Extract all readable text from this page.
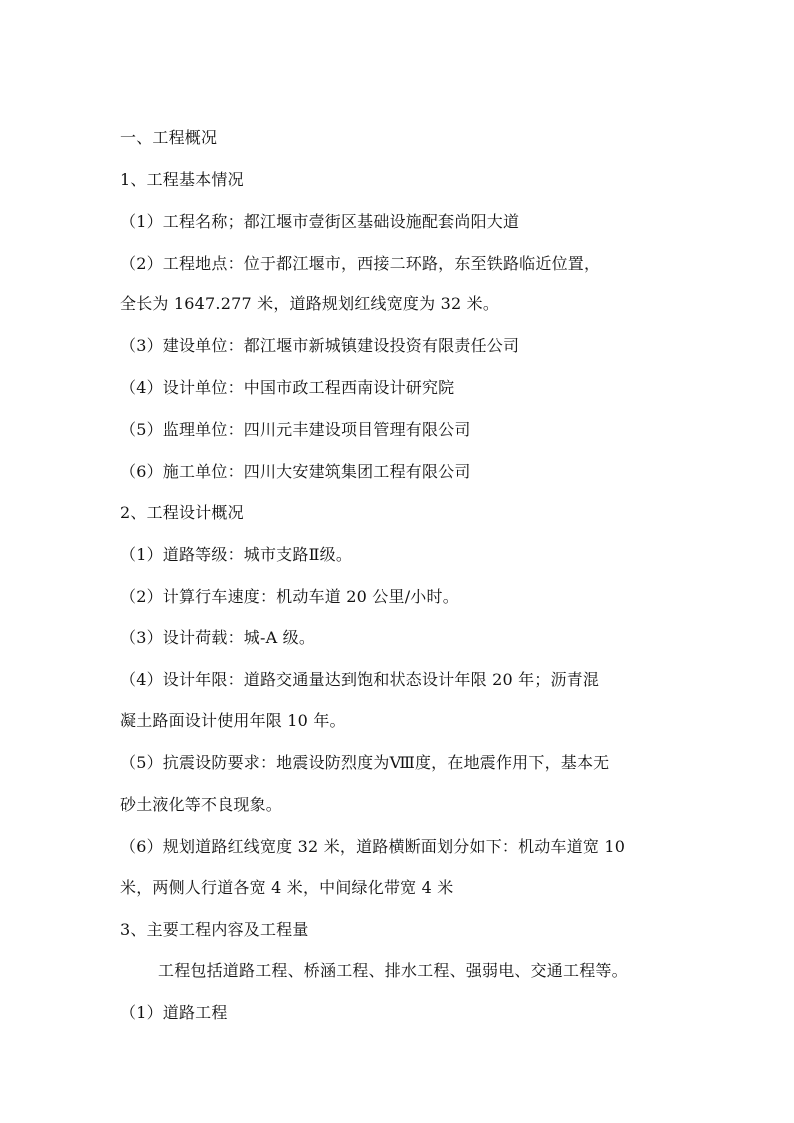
一、工程概况
1、工程基本情况
（1）工程名称；都江堰市壹街区基础设施配套尚阳大道
（2）工程地点：位于都江堰市，西接二环路，东至铁路临近位置，
全长为 1647.277 米，道路规划红线宽度为 32 米。
（3）建设单位：都江堰市新城镇建设投资有限责任公司
（4）设计单位：中国市政工程西南设计研究院
（5）监理单位：四川元丰建设项目管理有限公司
（6）施工单位：四川大安建筑集团工程有限公司
2、工程设计概况
（1）道路等级：城市支路Ⅱ级。
（2）计算行车速度：机动车道 20 公里/小时。
（3）设计荷载：城-A 级。
（4）设计年限：道路交通量达到饱和状态设计年限 20 年；沥青混
凝土路面设计使用年限 10 年。
（5）抗震设防要求：地震设防烈度为Ⅷ度，在地震作用下，基本无
砂土液化等不良现象。
（6）规划道路红线宽度 32 米，道路横断面划分如下：机动车道宽 10
米，两侧人行道各宽 4 米，中间绿化带宽 4 米
3、主要工程内容及工程量
工程包括道路工程、桥涵工程、排水工程、强弱电、交通工程等。
（1）道路工程
